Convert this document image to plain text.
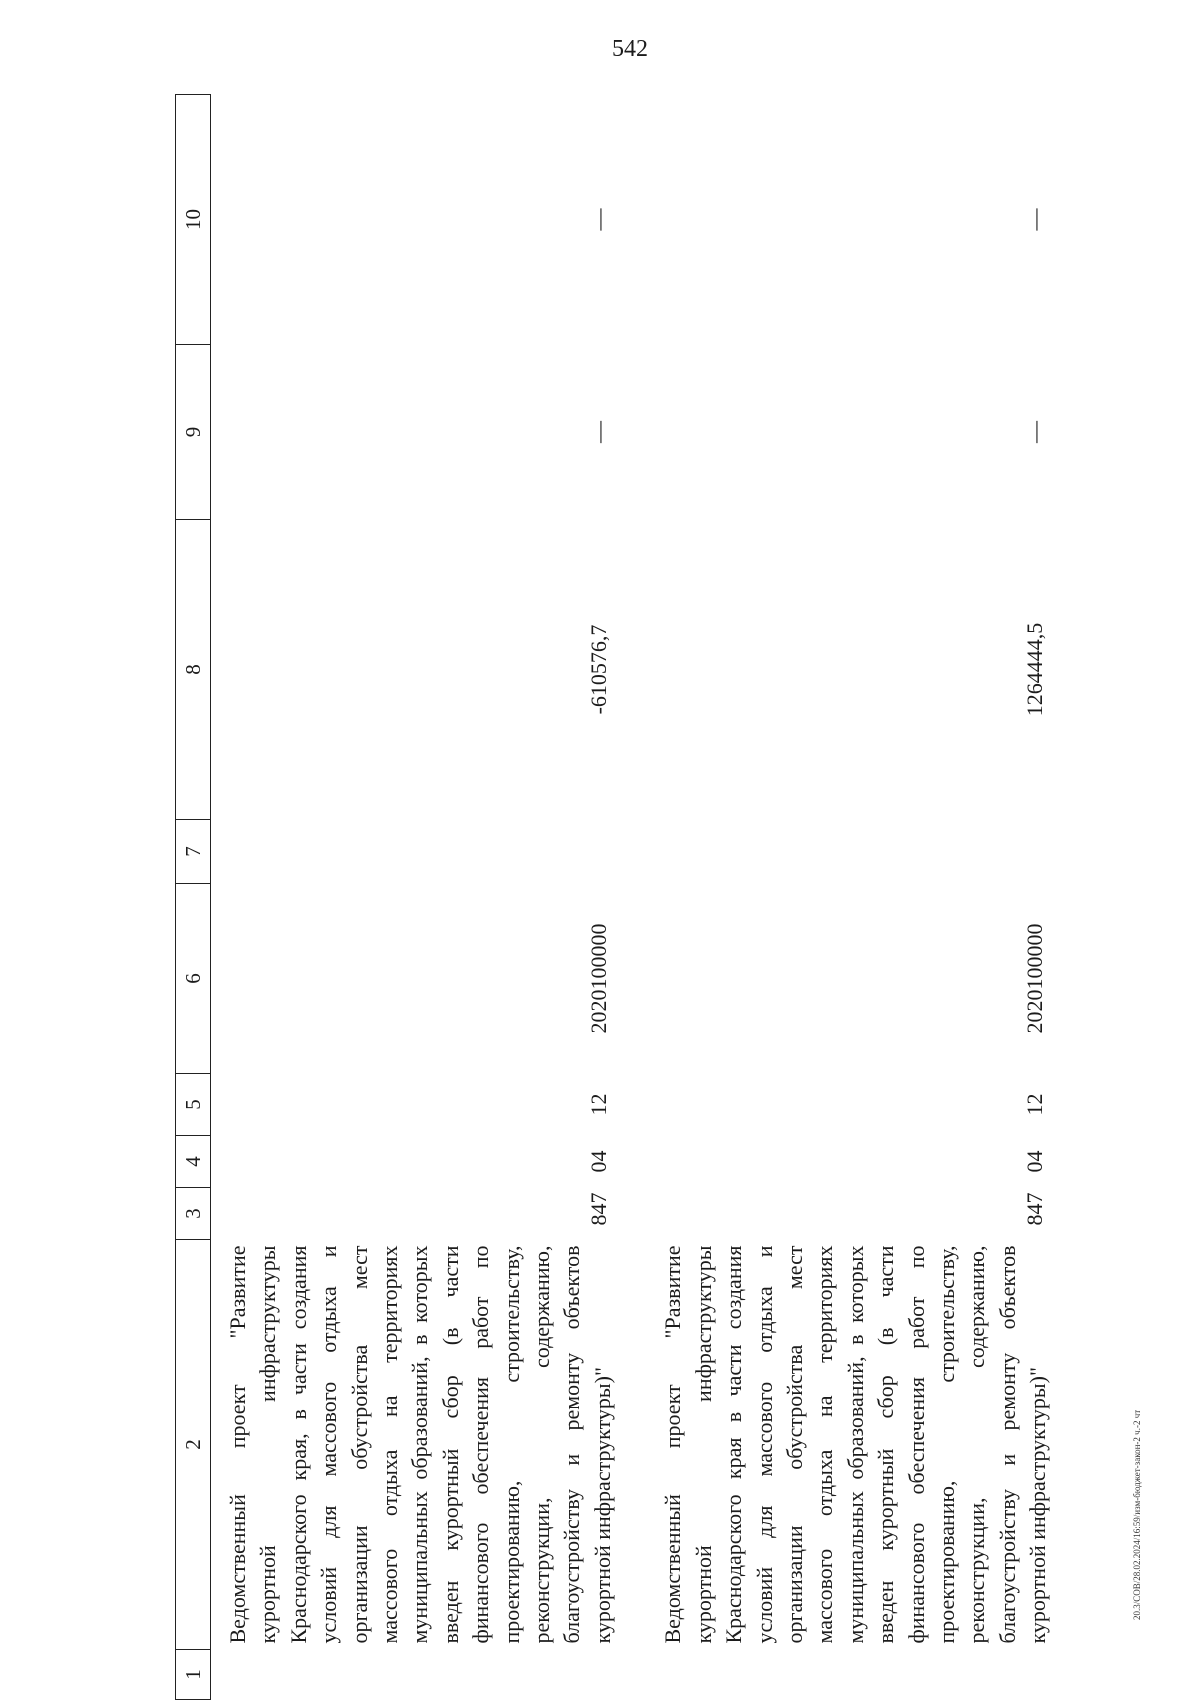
542
1	2	3	4	5	6	7	8	9	10
	Ведомственный проект "Развитие курортной инфраструктуры Краснодарского края, в части создания условий для массового отдыха и организации обустройства мест массового отдыха на территориях муниципальных образований, в которых введен курортный сбор (в части финансового обеспечения работ по проектированию, строительству, реконструкции, содержанию, благоустройству и ремонту объектов курортной инфраструктуры)"	847	04	12	2020100000		-610576,7	—	—

	Ведомственный проект "Развитие курортной инфраструктуры Краснодарского края в части создания условий для массового отдыха и организации обустройства мест массового отдыха на территориях муниципальных образований, в которых введен курортный сбор (в части финансового обеспечения работ по проектированию, строительству, реконструкции, содержанию, благоустройству и ремонту объектов курортной инфраструктуры)"	847	04	12	2020100000		1264444,5	—	—
20.3/СОВ/28.02.2024/16:59/изм-бюджет-закон-2 ч.-2 чт
